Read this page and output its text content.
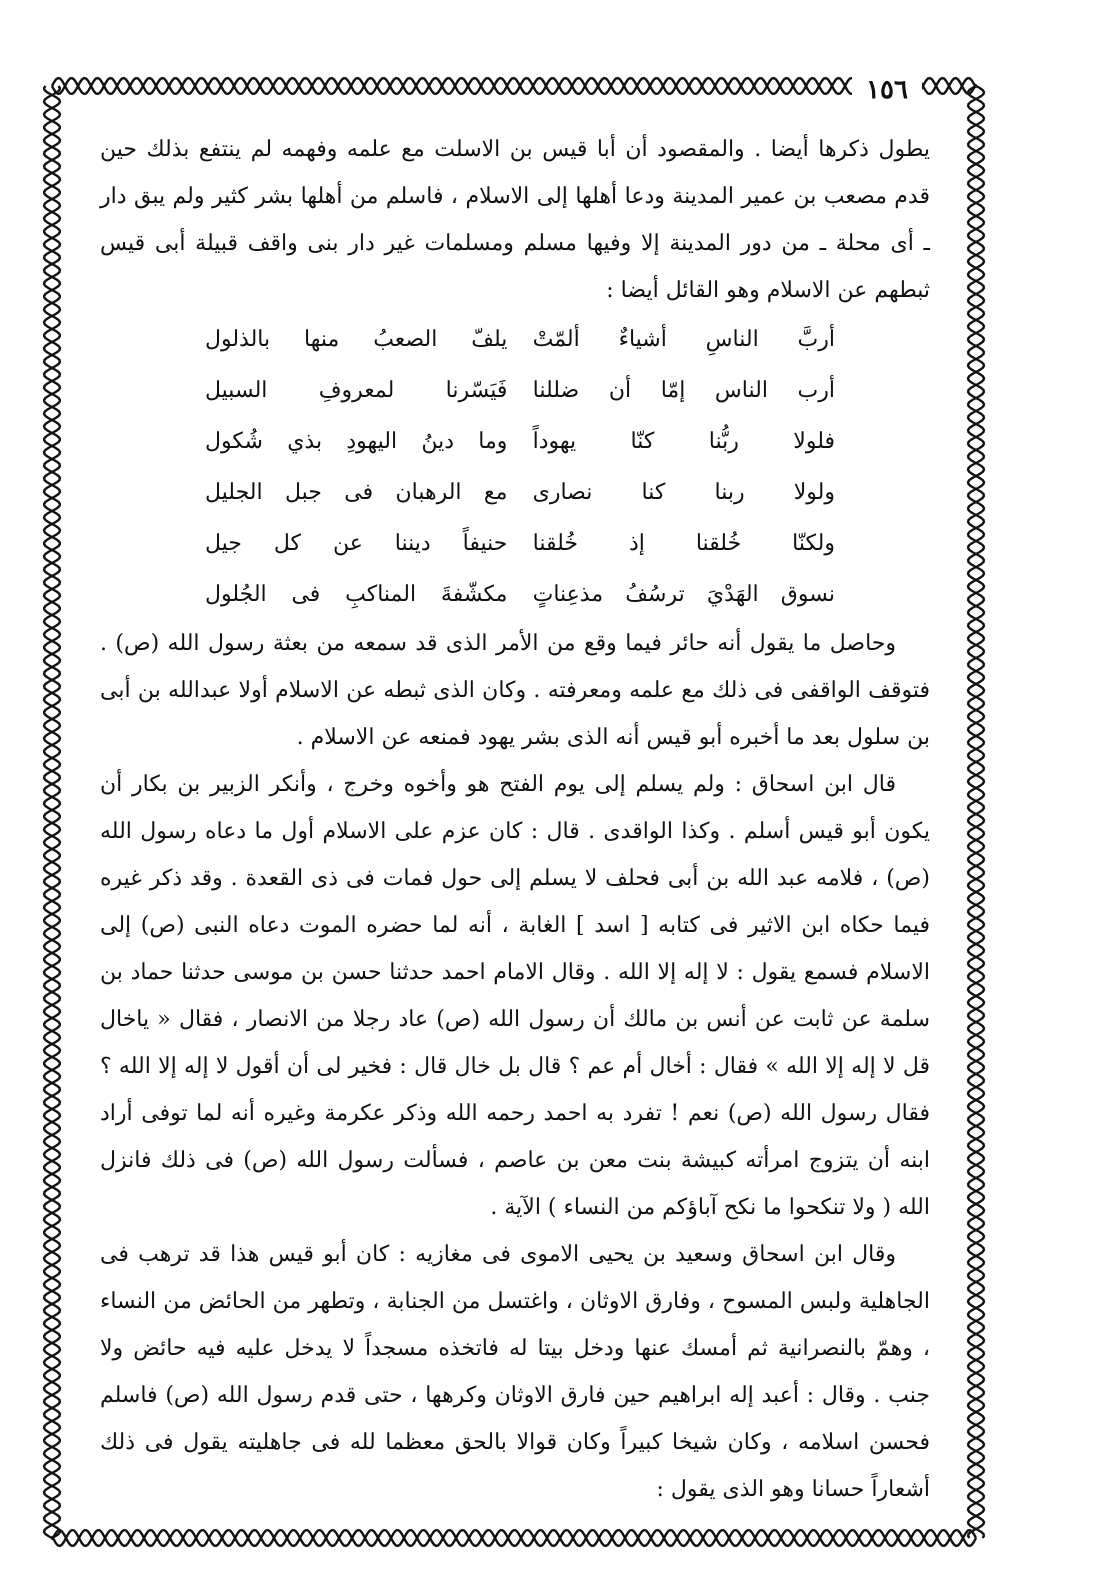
١٥٦

يطول ذكرها أيضا . والمقصود أن أبا قيس بن الاسلت مع علمه وفهمه لم ينتفع بذلك حين قدم مصعب بن عمير المدينة ودعا أهلها إلى الاسلام ، فاسلم من أهلها بشر كثير ولم يبق دار ـ أى محلة ـ من دور المدينة إلا وفيها مسلم ومسلمات غير دار بنى واقف قبيلة أبى قيس ثبطهم عن الاسلام وهو القائل أيضا :

أربَّ الناسِ أشياءٌ ألمّتْ
يلفّ الصعبُ منها بالذلول
أرب الناس إمّا أن ضللنا
فَيَسّرنا لمعروفِ السبيل
فلولا ربُّنا كنّا يهوداً
وما دينُ اليهودِ بذي شُكول
ولولا ربنا كنا نصارى
مع الرهبان فى جبل الجليل
ولكنّا خُلقنا إذ خُلقنا
حنيفاً ديننا عن كل جيل
نسوق الهَدْيَ ترسُفُ مذعِناتٍ
مكشّفةَ المناكبِ فى الجُلول

وحاصل ما يقول أنه حائر فيما وقع من الأمر الذى قد سمعه من بعثة رسول الله (ص) . فتوقف الواقفى فى ذلك مع علمه ومعرفته . وكان الذى ثبطه عن الاسلام أولا عبدالله بن أبى بن سلول بعد ما أخبره أبو قيس أنه الذى بشر يهود فمنعه عن الاسلام .

قال ابن اسحاق : ولم يسلم إلى يوم الفتح هو وأخوه وخرج ، وأنكر الزبير بن بكار أن يكون أبو قيس أسلم . وكذا الواقدى . قال : كان عزم على الاسلام أول ما دعاه رسول الله (ص) ، فلامه عبد الله بن أبى فحلف لا يسلم إلى حول فمات فى ذى القعدة . وقد ذكر غيره فيما حكاه ابن الاثير فى كتابه [ اسد ] الغابة ، أنه لما حضره الموت دعاه النبى (ص) إلى الاسلام فسمع يقول : لا إله إلا الله . وقال الامام احمد حدثنا حسن بن موسى حدثنا حماد بن سلمة عن ثابت عن أنس بن مالك أن رسول الله (ص) عاد رجلا من الانصار ، فقال « ياخال قل لا إله إلا الله » فقال : أخال أم عم ؟ قال بل خال قال : فخير لى أن أقول لا إله إلا الله ؟ فقال رسول الله (ص) نعم ! تفرد به احمد رحمه الله وذكر عكرمة وغيره أنه لما توفى أراد ابنه أن يتزوج امرأته كبيشة بنت معن بن عاصم ، فسألت رسول الله (ص) فى ذلك فانزل الله ( ولا تنكحوا ما نكح آباؤكم من النساء ) الآية .

وقال ابن اسحاق وسعيد بن يحيى الاموى فى مغازيه : كان أبو قيس هذا قد ترهب فى الجاهلية ولبس المسوح ، وفارق الاوثان ، واغتسل من الجنابة ، وتطهر من الحائض من النساء ، وهمّ بالنصرانية ثم أمسك عنها ودخل بيتا له فاتخذه مسجداً لا يدخل عليه فيه حائض ولا جنب . وقال : أعبد إله ابراهيم حين فارق الاوثان وكرهها ، حتى قدم رسول الله (ص) فاسلم فحسن اسلامه ، وكان شيخا كبيراً وكان قوالا بالحق معظما لله فى جاهليته يقول فى ذلك أشعاراً حسانا وهو الذى يقول :
